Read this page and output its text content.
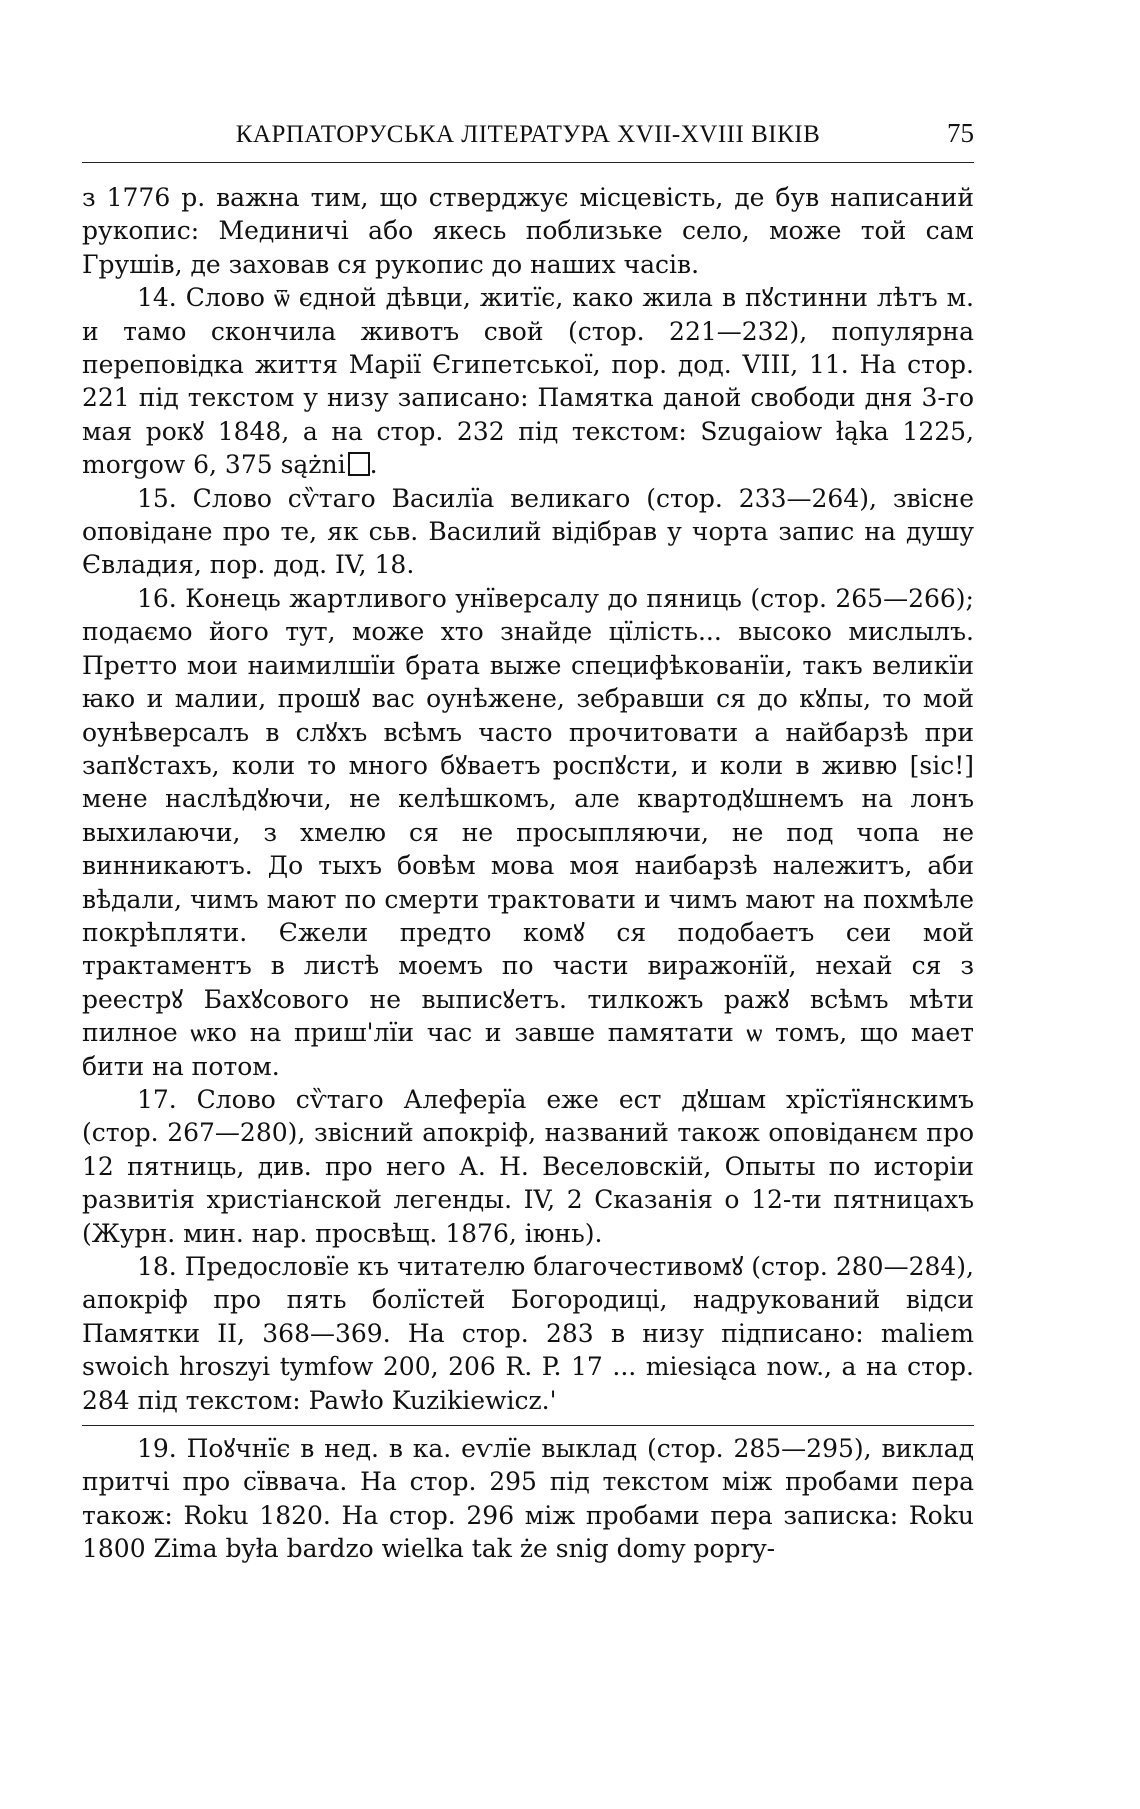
КАРПАТОРУСЬКА ЛІТЕРАТУРА XVII-XVIII ВІКІВ	75

з 1776 р. важна тим, що стверджує місцевість, де був написаний рукопис: Мединичі або якесь поблизьке село, може той сам Грушів, де заховав ся рукопис до наших часів.

14. Слово ѿ єдной дѣвци, житїє, како жила в пꙋстинни лѣтъ м. и тамо скончила животъ свой (стор. 221—232), популярна переповідка життя Марії Єгипетської, пор. дод. VIII, 11. На стор. 221 під текстом у низу записано: Памятка даной свободи дня 3-го мая рокꙋ 1848, а на стор. 232 під текстом: Szugaiow łąka 1225, morgow 6, 375 sążni .

15. Слово сѷтаго Василїа великаго (стор. 233—264), звісне оповідане про те, як сьв. Василий відібрав у чорта запис на душу Євладия, пор. дод. IV, 18.

16. Конець жартливого унїверсалу до пяниць (стор. 265—266); подаємо його тут, може хто знайде цїлість... высоко мислылъ. Претто мои наимилшїи брата выже специфѣкованїи, такъ великїи ꙗко и малии, прошꙋ вас оунѣжене, зебравши ся до кꙋпы, то мой оунѣверсалъ в слꙋхъ всѣмъ часто прочитовати а найбарзѣ при запꙋстахъ, коли то много бꙋваетъ роспꙋсти, и коли в живю [sic!] мене наслѣдꙋючи, не келѣшкомъ, але квартодꙋшнемъ на лонъ выхилаючи, з хмелю ся не просыпляючи, не под чопа не винникаютъ. До тыхъ бовѣм мова моя наибарзѣ належитъ, аби вѣдали, чимъ мают по смерти трактовати и чимъ мают на похмѣле покрѣпляти. Єжели предто комꙋ ся подобаетъ сеи мой трактаментъ в листѣ моемъ по части виражонїй, нехай ся з реестрꙋ Бахꙋсового не выписꙋетъ. тилкожъ ражꙋ всѣмъ мѣти пилное ѡко на приш'лїи час и завше памятати ѡ томъ, що мает бити на потом.

17. Слово сѷтаго Алеферїа еже ест дꙋшам хрїстїянскимъ (стор. 267—280), звісний апокріф, названий також оповіданєм про 12 пятниць, див. про него А. Н. Веселовскій, Опыты по исторіи развитія христіанской легенды. IV, 2 Сказанія о 12-ти пятницахъ (Журн. мин. нар. просвѣщ. 1876, іюнь).

18. Предословїе къ читателю благочестивомꙋ (стор. 280—284), апокріф про пять болїстей Богородиці, надрукований відси Памятки II, 368—369. На стор. 283 в низу підписано: maliem swoich hroszyi tymfow 200, 206 R. P. 17 ... miesiąca now., а на стор. 284 під текстом: Pawło Kuzikiewicz.'

19. Поꙋчнїє в нед. в ка. еѵлїе выклад (стор. 285—295), виклад притчі про сїввача. На стор. 295 під текстом між пробами пера також: Roku 1820. На стор. 296 між пробами пера записка: Roku 1800 Zima była bardzo wielka tak że snig domy popry-
